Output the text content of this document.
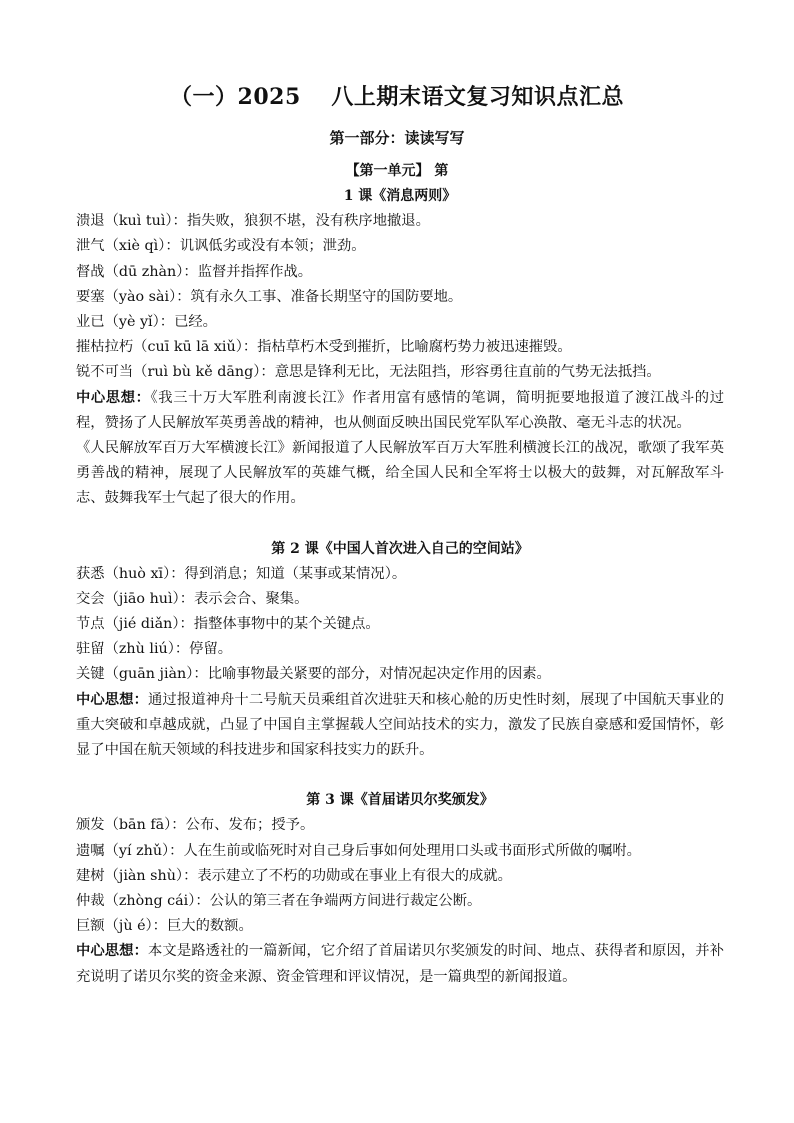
（一）2025　 八上期末语文复习知识点汇总
第一部分：读读写写
【第一单元】 第
1 课《消息两则》
溃退（kuì tuì）：指失败，狼狈不堪，没有秩序地撤退。
泄气（xiè qì）：讥讽低劣或没有本领；泄劲。
督战（dū zhàn）：监督并指挥作战。
要塞（yào sài）：筑有永久工事、准备长期坚守的国防要地。
业已（yè yǐ）：已经。
摧枯拉朽（cuī kū lā xiǔ）：指枯草朽木受到摧折，比喻腐朽势力被迅速摧毁。
锐不可当（ruì bù kě dāng）：意思是锋利无比，无法阻挡，形容勇往直前的气势无法抵挡。
中心思想：《我三十万大军胜利南渡长江》作者用富有感情的笔调，简明扼要地报道了渡江战斗的过程，赞扬了人民解放军英勇善战的精神，也从侧面反映出国民党军队军心涣散、毫无斗志的状况。
《人民解放军百万大军横渡长江》新闻报道了人民解放军百万大军胜利横渡长江的战况，歌颂了我军英勇善战的精神，展现了人民解放军的英雄气概，给全国人民和全军将士以极大的鼓舞，对瓦解敌军斗志、鼓舞我军士气起了很大的作用。
第 2 课《中国人首次进入自己的空间站》
获悉（huò xī）：得到消息；知道（某事或某情况）。
交会（jiāo huì）：表示会合、聚集。
节点（jié diǎn）：指整体事物中的某个关键点。
驻留（zhù liú）：停留。
关键（guān jiàn）：比喻事物最关紧要的部分，对情况起决定作用的因素。
中心思想：通过报道神舟十二号航天员乘组首次进驻天和核心舱的历史性时刻，展现了中国航天事业的重大突破和卓越成就，凸显了中国自主掌握载人空间站技术的实力，激发了民族自豪感和爱国情怀，彰显了中国在航天领域的科技进步和国家科技实力的跃升。
第 3 课《首届诺贝尔奖颁发》
颁发（bān fā）：公布、发布；授予。
遗嘱（yí zhǔ）：人在生前或临死时对自己身后事如何处理用口头或书面形式所做的嘱咐。
建树（jiàn shù）：表示建立了不朽的功勋或在事业上有很大的成就。
仲裁（zhòng cái）：公认的第三者在争端两方间进行裁定公断。
巨额（jù é）：巨大的数额。
中心思想：本文是路透社的一篇新闻，它介绍了首届诺贝尔奖颁发的时间、地点、获得者和原因，并补充说明了诺贝尔奖的资金来源、资金管理和评议情况，是一篇典型的新闻报道。
